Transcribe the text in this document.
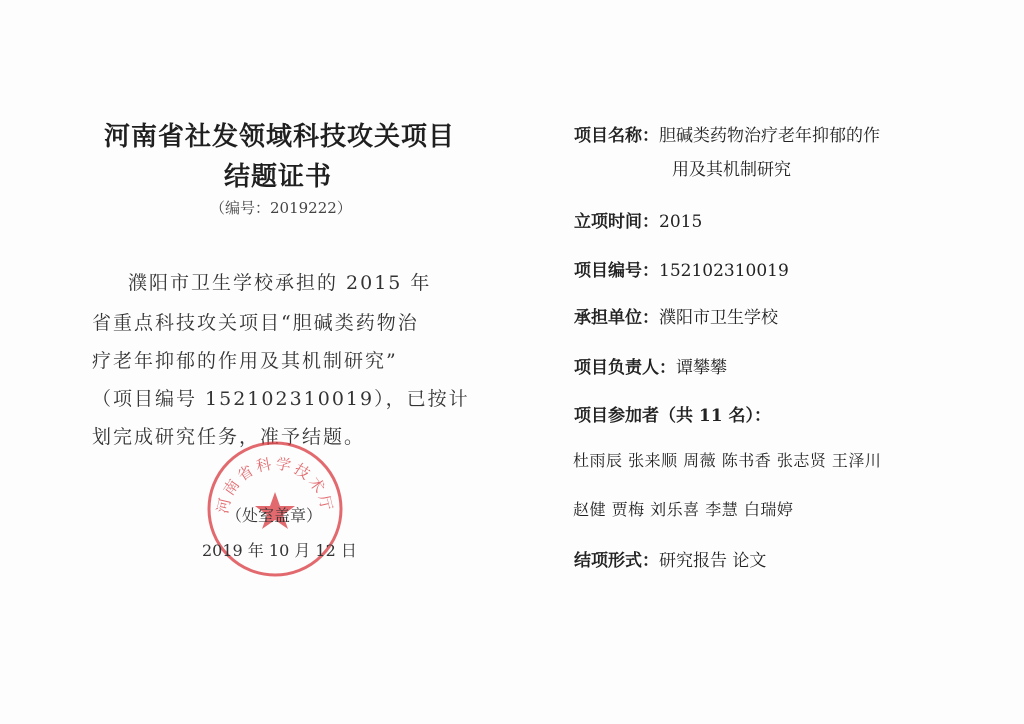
河南省社发领域科技攻关项目
结题证书
（编号：2019222）
濮阳市卫生学校承担的 2015 年
省重点科技攻关项目“胆碱类药物治
疗老年抑郁的作用及其机制研究”
（项目编号 152102310019），已按计
划完成研究任务，准予结题。
河南省科学技术厅
（处室盖章）
2019 年 10 月 12 日
项目名称：胆碱类药物治疗老年抑郁的作
用及其机制研究
立项时间：2015
项目编号：152102310019
承担单位：濮阳市卫生学校
项目负责人：谭攀攀
项目参加者（共 11 名）：
杜雨辰 张来顺 周薇 陈书香 张志贤 王泽川
赵健 贾梅 刘乐喜 李慧 白瑞婷
结项形式：研究报告 论文
